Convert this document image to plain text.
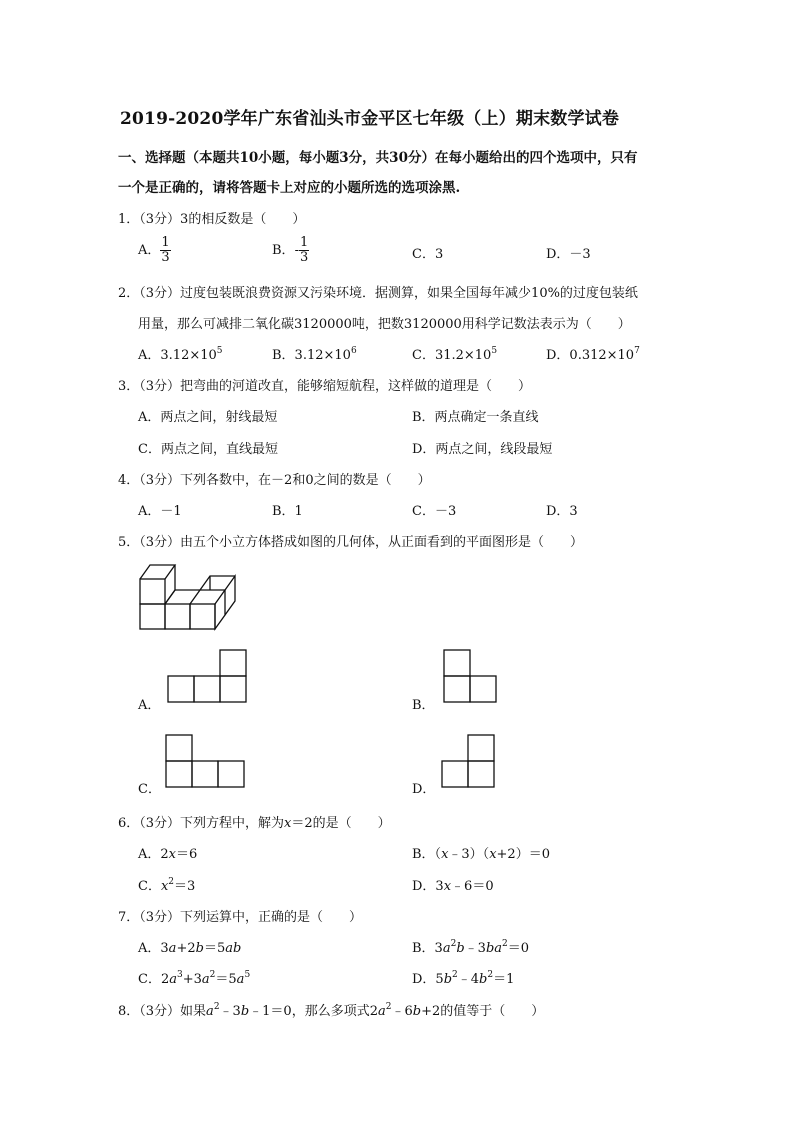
2019-2020学年广东省汕头市金平区七年级（上）期末数学试卷
一、选择题（本题共10小题，每小题3分，共30分）在每小题给出的四个选项中，只有
一个是正确的，请将答题卡上对应的小题所选的选项涂黑.
1．（3分）3的相反数是（　　）
A． $\frac{1}{3}$	B．- $\frac{1}{3}$	C．3	D．－3
2．（3分）过度包装既浪费资源又污染环境．据测算，如果全国每年减少10%的过度包装纸
用量，那么可减排二氧化碳3120000吨，把数3120000用科学记数法表示为（　　）
A．$3.12\times 10^5$	B．$3.12\times 10^6$	C．$31.2\times 10^5$	D．$0.312\times 10^7$
3．（3分）把弯曲的河道改直，能够缩短航程，这样做的道理是（　　）
A．两点之间，射线最短	B．两点确定一条直线
C．两点之间，直线最短	D．两点之间，线段最短
4．（3分）下列各数中，在－2和0之间的数是（　　）
A．－1	B．1	C．－3	D．3
5．（3分）由五个小立方体搭成如图的几何体，从正面看到的平面图形是（　　）
A．	B．
C．	D．
6．（3分）下列方程中，解为x＝2的是（　　）
A．2x＝6	B．（x﹣3）（x+2）＝0
C．$x^2=3$	D．3x﹣6＝0
7．（3分）下列运算中，正确的是（　　）
A．3a+2b＝5ab	B．$3a^2b﹣3ba^2=0$
C．$2a^3+3a^2=5a^5$	D．$5b^2﹣4b^2=1$
8．（3分）如果$a^2﹣3b﹣1=0$，那么多项式$2a^2﹣6b+2$的值等于（　　）
